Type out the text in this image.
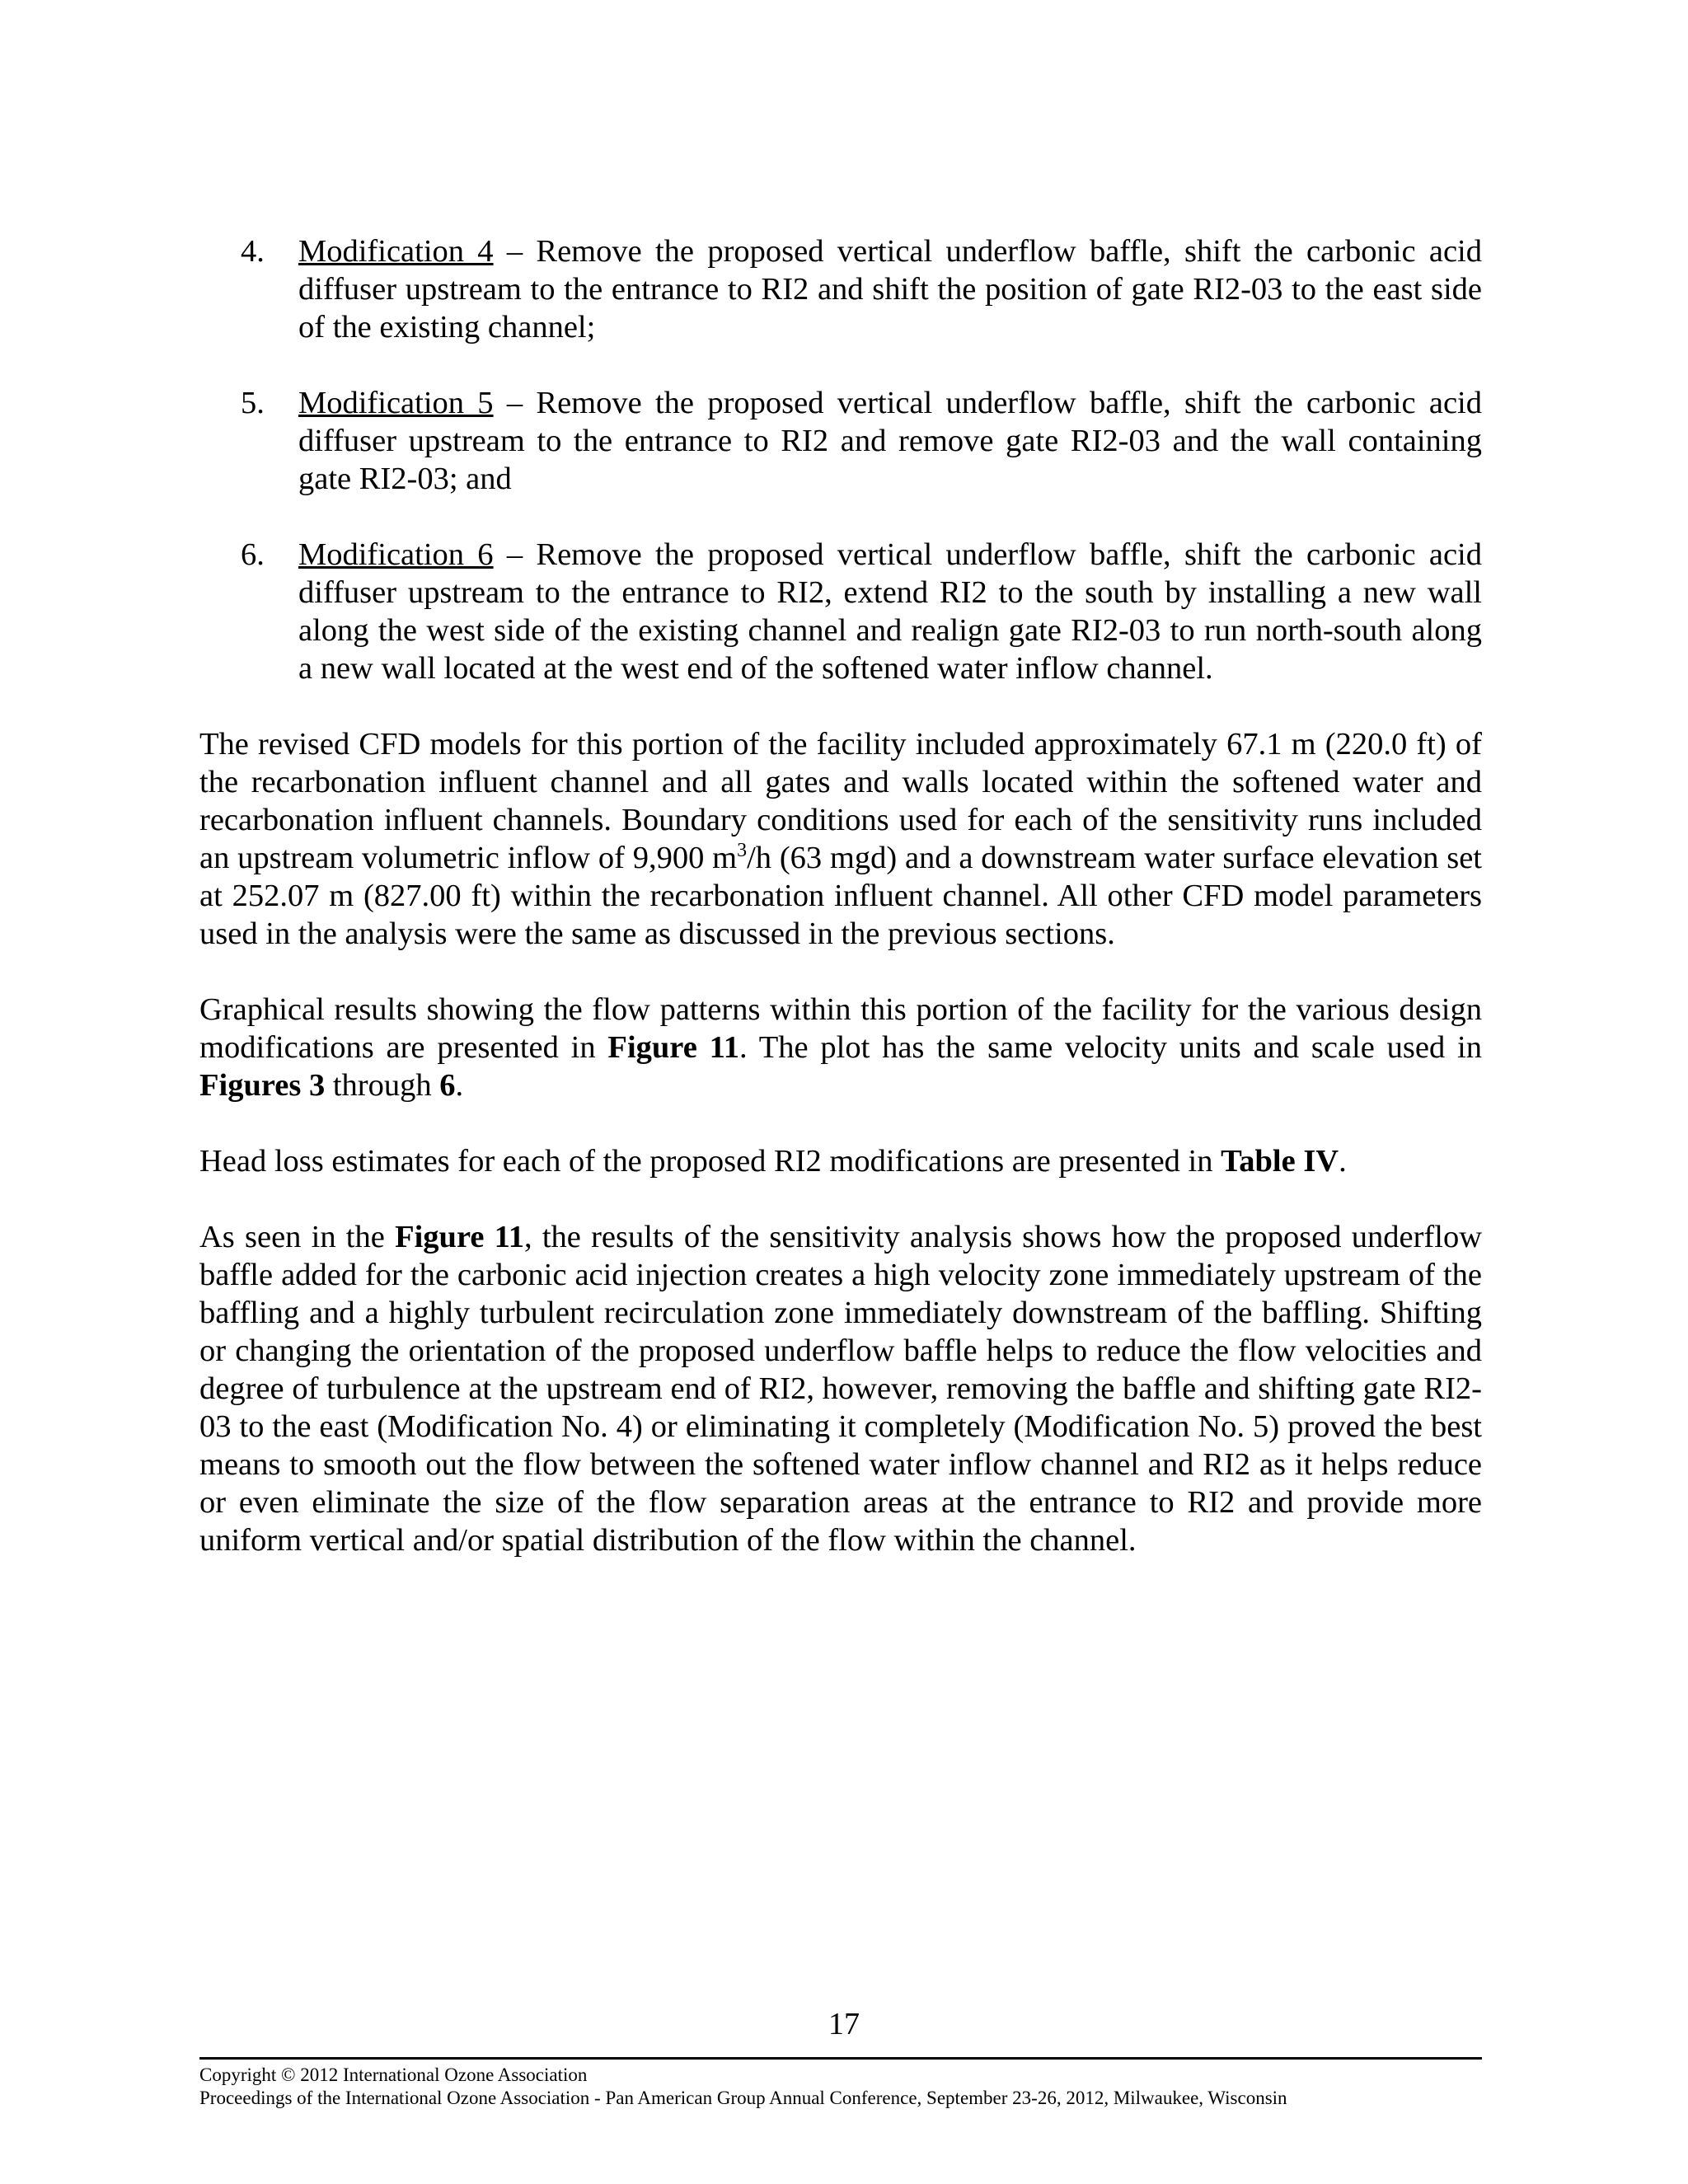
4. Modification 4 – Remove the proposed vertical underflow baffle, shift the carbonic acid diffuser upstream to the entrance to RI2 and shift the position of gate RI2-03 to the east side of the existing channel;
5. Modification 5 – Remove the proposed vertical underflow baffle, shift the carbonic acid diffuser upstream to the entrance to RI2 and remove gate RI2-03 and the wall containing gate RI2-03; and
6. Modification 6 – Remove the proposed vertical underflow baffle, shift the carbonic acid diffuser upstream to the entrance to RI2, extend RI2 to the south by installing a new wall along the west side of the existing channel and realign gate RI2-03 to run north-south along a new wall located at the west end of the softened water inflow channel.

The revised CFD models for this portion of the facility included approximately 67.1 m (220.0 ft) of the recarbonation influent channel and all gates and walls located within the softened water and recarbonation influent channels. Boundary conditions used for each of the sensitivity runs included an upstream volumetric inflow of 9,900 $m^3/h$ (63 mgd) and a downstream water surface elevation set at 252.07 m (827.00 ft) within the recarbonation influent channel. All other CFD model parameters used in the analysis were the same as discussed in the previous sections.

Graphical results showing the flow patterns within this portion of the facility for the various design modifications are presented in Figure 11. The plot has the same velocity units and scale used in Figures 3 through 6.

Head loss estimates for each of the proposed RI2 modifications are presented in Table IV.

As seen in the Figure 11, the results of the sensitivity analysis shows how the proposed underflow baffle added for the carbonic acid injection creates a high velocity zone immediately upstream of the baffling and a highly turbulent recirculation zone immediately downstream of the baffling. Shifting or changing the orientation of the proposed underflow baffle helps to reduce the flow velocities and degree of turbulence at the upstream end of RI2, however, removing the baffle and shifting gate RI2-03 to the east (Modification No. 4) or eliminating it completely (Modification No. 5) proved the best means to smooth out the flow between the softened water inflow channel and RI2 as it helps reduce or even eliminate the size of the flow separation areas at the entrance to RI2 and provide more uniform vertical and/or spatial distribution of the flow within the channel.

17
Copyright © 2012 International Ozone Association
Proceedings of the International Ozone Association - Pan American Group Annual Conference, September 23-26, 2012, Milwaukee, Wisconsin
